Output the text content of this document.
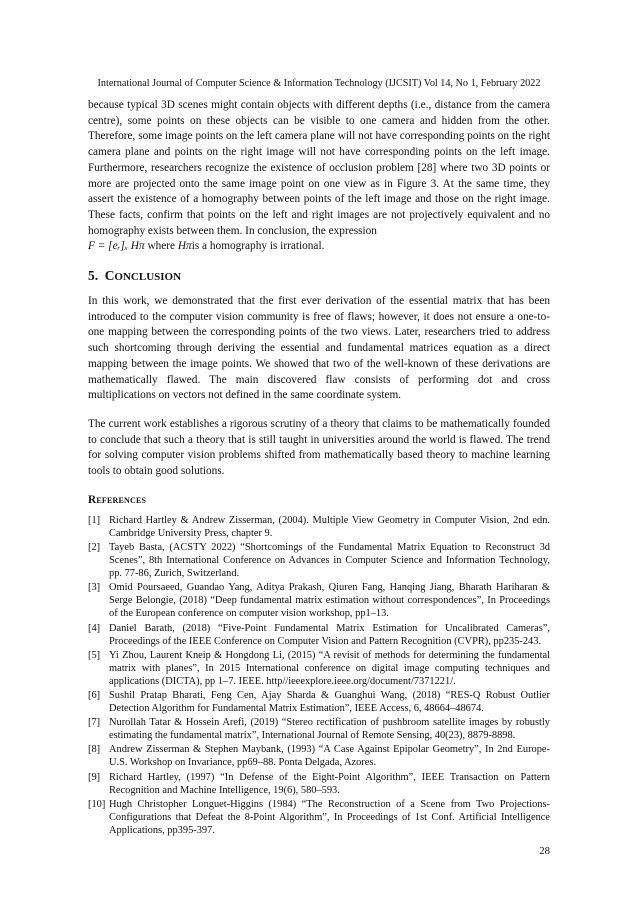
International Journal of Computer Science & Information Technology (IJCSIT) Vol 14, No 1, February 2022

because typical 3D scenes might contain objects with different depths (i.e., distance from the camera centre), some points on these objects can be visible to one camera and hidden from the other. Therefore, some image points on the left camera plane will not have corresponding points on the right camera plane and points on the right image will not have corresponding points on the left image. Furthermore, researchers recognize the existence of occlusion problem [28] where two 3D points or more are projected onto the same image point on one view as in Figure 3. At the same time, they assert the existence of a homography between points of the left image and those on the right image. These facts, confirm that points on the left and right images are not projectively equivalent and no homography exists between them. In conclusion, the expression
F = [eᵣ]ₓ Hπ where Hπis a homography is irrational.

5. CONCLUSION

In this work, we demonstrated that the first ever derivation of the essential matrix that has been introduced to the computer vision community is free of flaws; however, it does not ensure a one-to-one mapping between the corresponding points of the two views. Later, researchers tried to address such shortcoming through deriving the essential and fundamental matrices equation as a direct mapping between the image points. We showed that two of the well-known of these derivations are mathematically flawed. The main discovered flaw consists of performing dot and cross multiplications on vectors not defined in the same coordinate system.

The current work establishes a rigorous scrutiny of a theory that claims to be mathematically founded to conclude that such a theory that is still taught in universities around the world is flawed. The trend for solving computer vision problems shifted from mathematically based theory to machine learning tools to obtain good solutions.

References
[1] Richard Hartley & Andrew Zisserman, (2004). Multiple View Geometry in Computer Vision, 2nd edn. Cambridge University Press, chapter 9.
[2] Tayeb Basta, (ACSTY 2022) “Shortcomings of the Fundamental Matrix Equation to Reconstruct 3d Scenes”, 8th International Conference on Advances in Computer Science and Information Technology, pp. 77-86, Zurich, Switzerland.
[3] Omid Poursaeed, Guandao Yang, Aditya Prakash, Qiuren Fang, Hanqing Jiang, Bharath Hariharan & Serge Belongie, (2018) “Deep fundamental matrix estimation without correspondences”, In Proceedings of the European conference on computer vision workshop, pp1–13.
[4] Daniel Barath, (2018) “Five-Point Fundamental Matrix Estimation for Uncalibrated Cameras”, Proceedings of the IEEE Conference on Computer Vision and Pattern Recognition (CVPR), pp235-243.
[5] Yi Zhou, Laurent Kneip & Hongdong Li, (2015) “A revisit of methods for determining the fundamental matrix with planes”, In 2015 International conference on digital image computing techniques and applications (DICTA), pp 1–7. IEEE. http//ieeexplore.ieee.org/document/7371221/.
[6] Sushil Pratap Bharati, Feng Cen, Ajay Sharda & Guanghui Wang, (2018) “RES-Q Robust Outlier Detection Algorithm for Fundamental Matrix Estimation”, IEEE Access, 6, 48664–48674.
[7] Nurollah Tatar & Hossein Arefi, (2019) “Stereo rectification of pushbroom satellite images by robustly estimating the fundamental matrix”, International Journal of Remote Sensing, 40(23), 8879-8898.
[8] Andrew Zisserman & Stephen Maybank, (1993) “A Case Against Epipolar Geometry”, In 2nd Europe-U.S. Workshop on Invariance, pp69–88. Ponta Delgada, Azores.
[9] Richard Hartley, (1997) “In Defense of the Eight-Point Algorithm”, IEEE Transaction on Pattern Recognition and Machine Intelligence, 19(6), 580–593.
[10] Hugh Christopher Longuet-Higgins (1984) “The Reconstruction of a Scene from Two Projections-Configurations that Defeat the 8-Point Algorithm”, In Proceedings of 1st Conf. Artificial Intelligence Applications, pp395-397.
28
